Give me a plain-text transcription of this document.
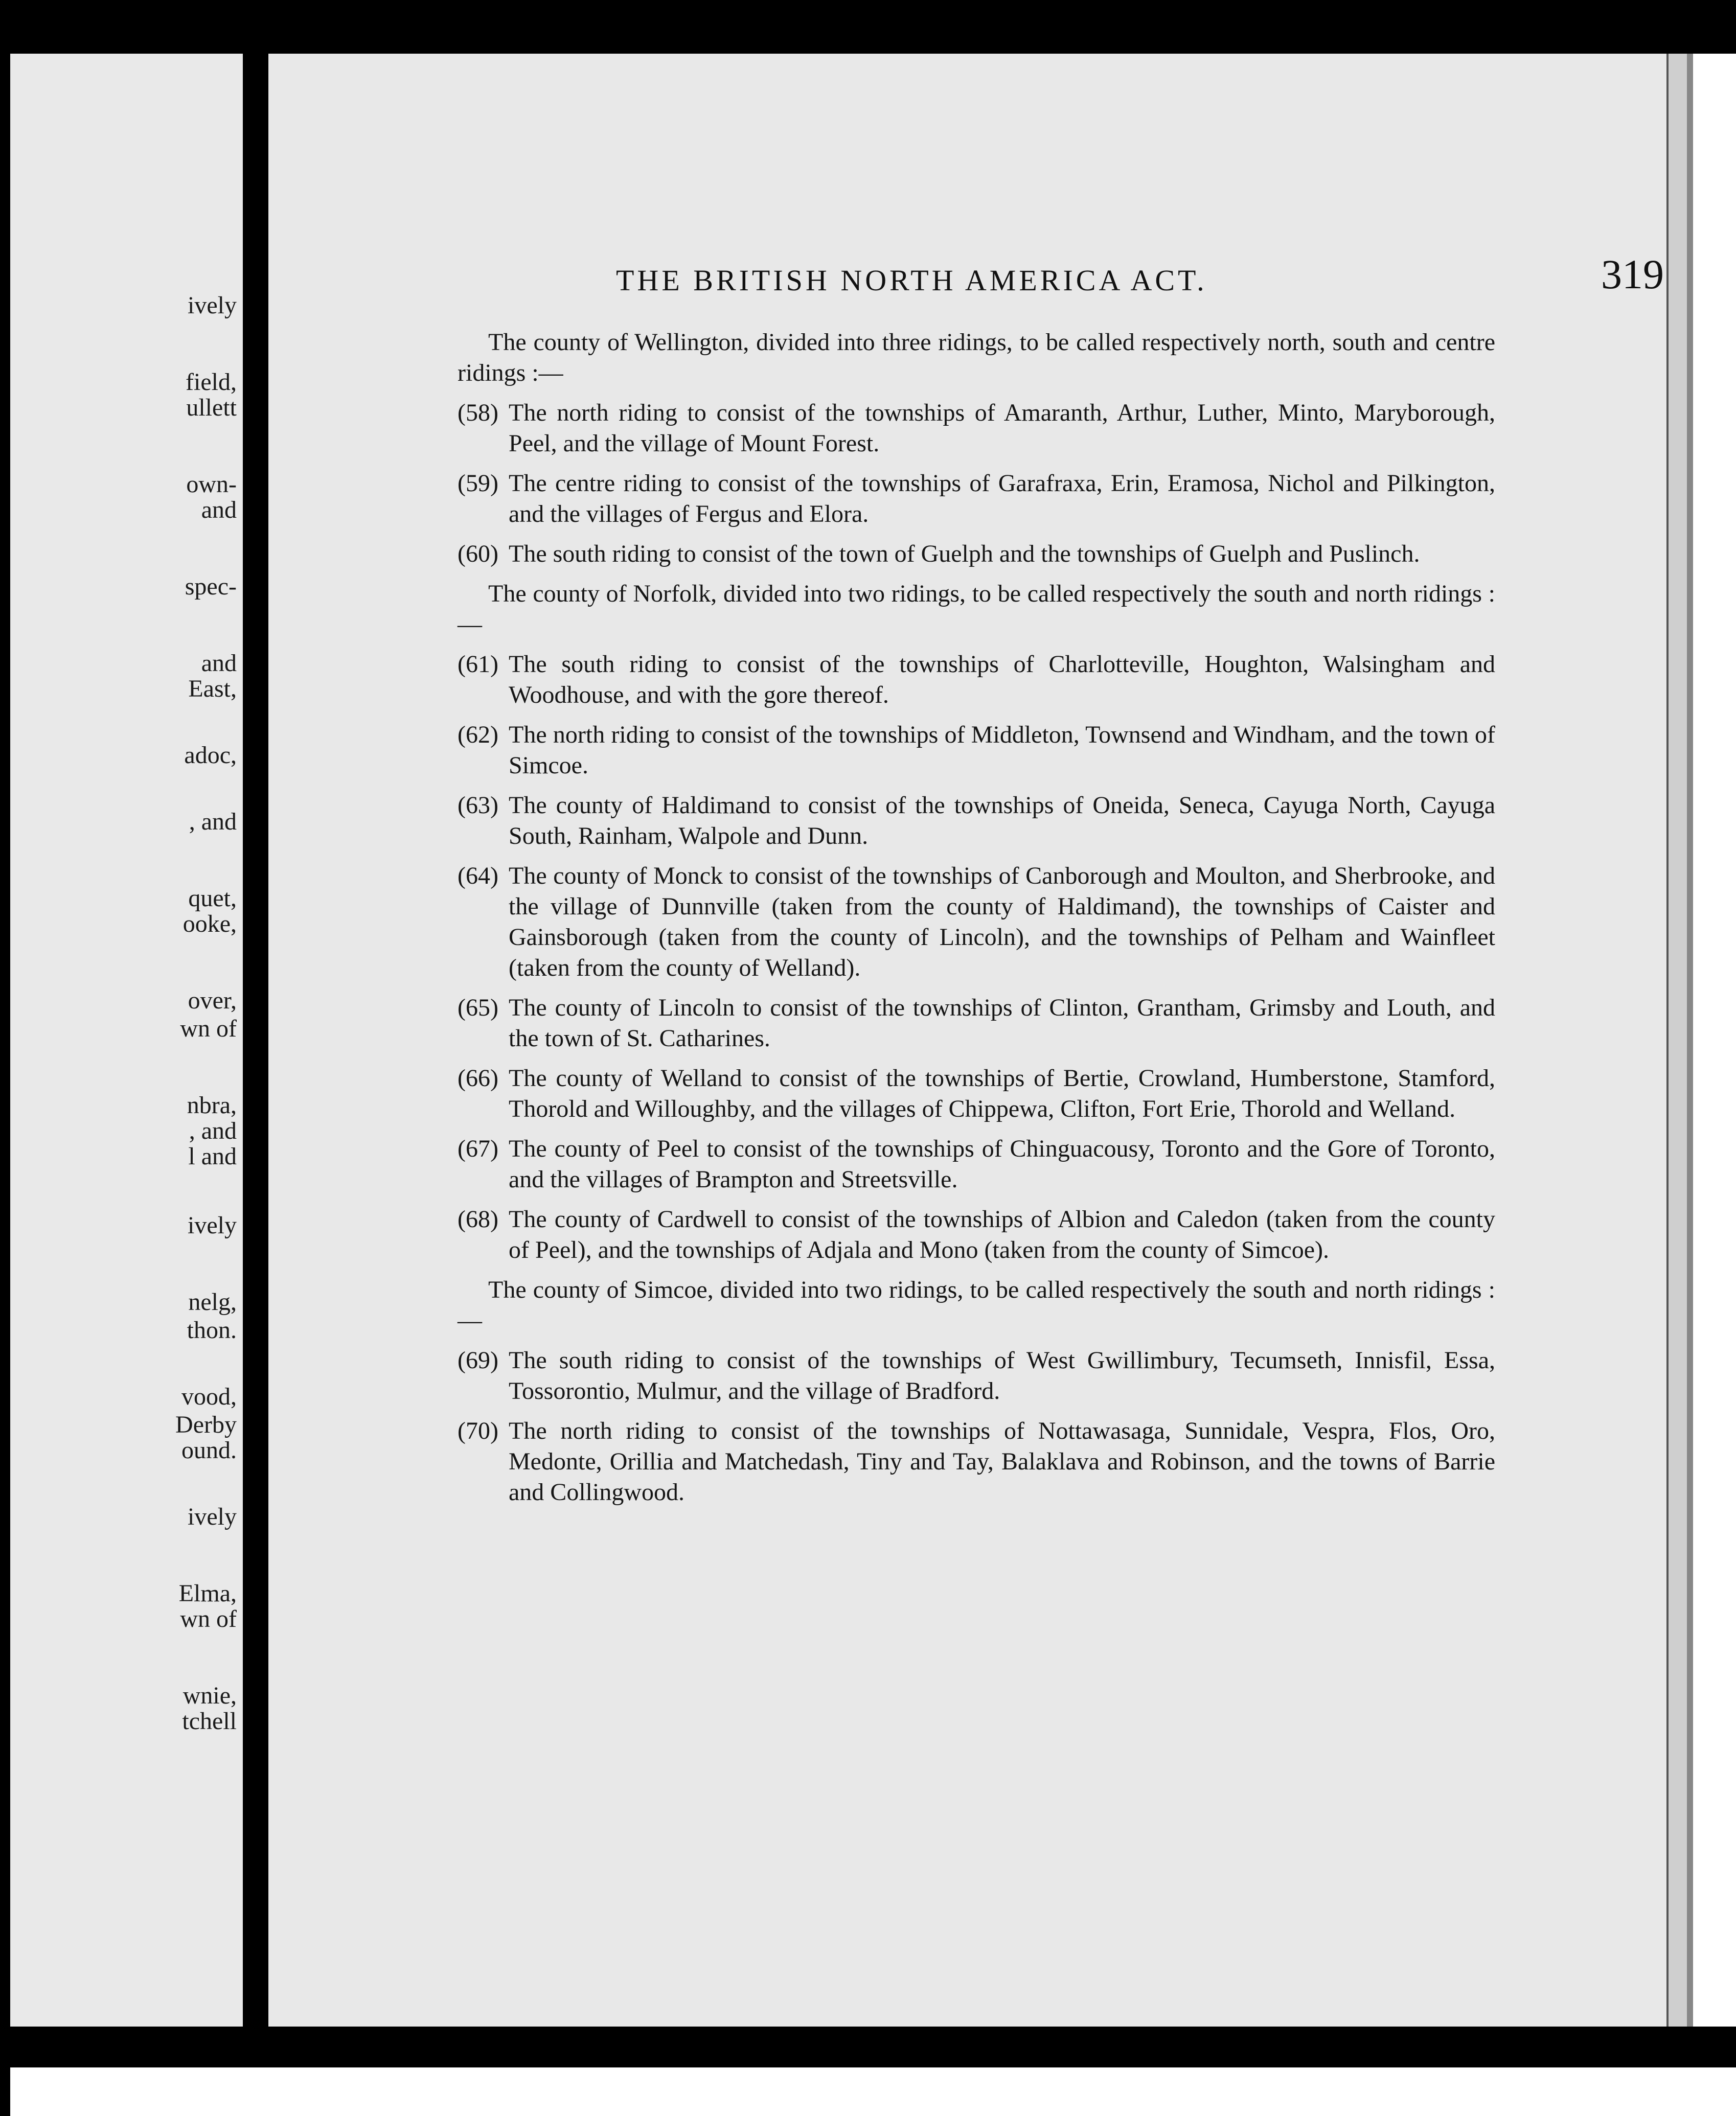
ively
field,
ullett
own-
and
spec-
and
East,
adoc,
, and
quet,
ooke,
over,
wn of
nbra,
, and
l and
ively
nelg,
thon.
vood,
Derby
ound.
ively
Elma,
wn of
wnie,
tchell
THE BRITISH NORTH AMERICA ACT.	319

The county of Wellington, divided into three ridings, to be called respectively north, south and centre ridings :—

(58) The north riding to consist of the townships of Amaranth, Arthur, Luther, Minto, Maryborough, Peel, and the village of Mount Forest.

(59) The centre riding to consist of the townships of Garafraxa, Erin, Eramosa, Nichol and Pilkington, and the villages of Fergus and Elora.

(60) The south riding to consist of the town of Guelph and the townships of Guelph and Puslinch.

The county of Norfolk, divided into two ridings, to be called respectively the south and north ridings :—

(61) The south riding to consist of the townships of Charlotteville, Houghton, Walsingham and Woodhouse, and with the gore thereof.

(62) The north riding to consist of the townships of Middleton, Townsend and Windham, and the town of Simcoe.

(63) The county of Haldimand to consist of the townships of Oneida, Seneca, Cayuga North, Cayuga South, Rainham, Walpole and Dunn.

(64) The county of Monck to consist of the townships of Canborough and Moulton, and Sherbrooke, and the village of Dunnville (taken from the county of Haldimand), the townships of Caister and Gainsborough (taken from the county of Lincoln), and the townships of Pelham and Wainfleet (taken from the county of Welland).

(65) The county of Lincoln to consist of the townships of Clinton, Grantham, Grimsby and Louth, and the town of St. Catharines.

(66) The county of Welland to consist of the townships of Bertie, Crowland, Humberstone, Stamford, Thorold and Willoughby, and the villages of Chippewa, Clifton, Fort Erie, Thorold and Welland.

(67) The county of Peel to consist of the townships of Chinguacousy, Toronto and the Gore of Toronto, and the villages of Brampton and Streetsville.

(68) The county of Cardwell to consist of the townships of Albion and Caledon (taken from the county of Peel), and the townships of Adjala and Mono (taken from the county of Simcoe).

The county of Simcoe, divided into two ridings, to be called respectively the south and north ridings :—

(69) The south riding to consist of the townships of West Gwillimbury, Tecumseth, Innisfil, Essa, Tossorontio, Mulmur, and the village of Bradford.

(70) The north riding to consist of the townships of Nottawasaga, Sunnidale, Vespra, Flos, Oro, Medonte, Orillia and Matchedash, Tiny and Tay, Balaklava and Robinson, and the towns of Barrie and Collingwood.
